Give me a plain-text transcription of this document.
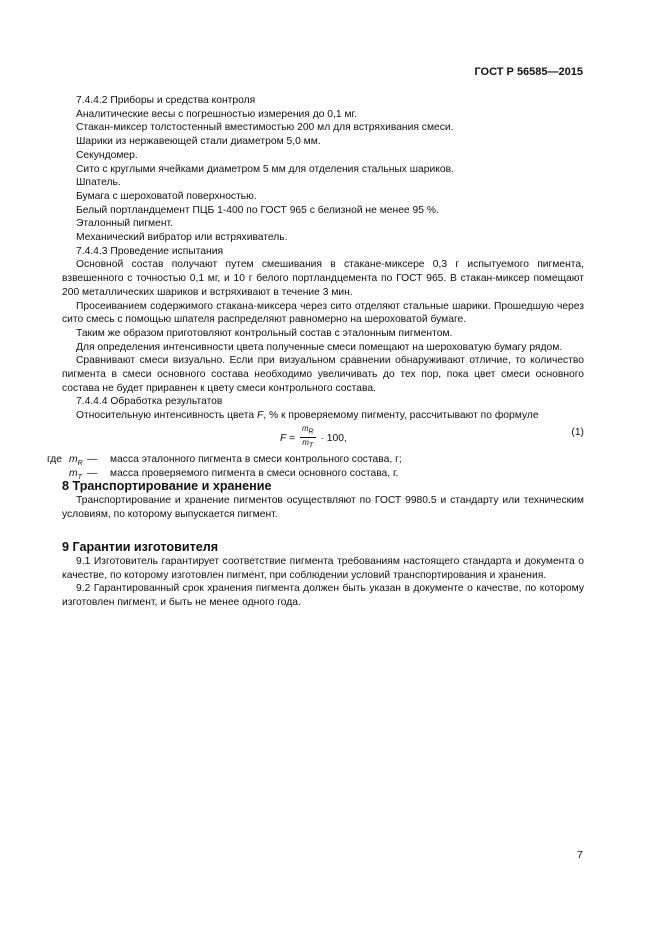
ГОСТ Р 56585—2015

7.4.4.2 Приборы и средства контроля

Аналитические весы с погрешностью измерения до 0,1 мг.

Стакан-миксер толстостенный вместимостью 200 мл для встряхивания смеси.

Шарики из нержавеющей стали диаметром 5,0 мм.

Секундомер.

Сито с круглыми ячейками диаметром 5 мм для отделения стальных шариков.

Шпатель.

Бумага с шероховатой поверхностью.

Белый портландцемент ПЦБ 1-400 по ГОСТ 965 с белизной не менее 95 %.

Эталонный пигмент.

Механический вибратор или встряхиватель.

7.4.4.3 Проведение испытания

Основной состав получают путем смешивания в стакане-миксере 0,3 г испытуемого пигмента, взвешенного с точностью 0,1 мг, и 10 г белого портландцемента по ГОСТ 965. В стакан-миксер помещают 200 металлических шариков и встряхивают в течение 3 мин.

Просеиванием содержимого стакана-миксера через сито отделяют стальные шарики. Прошедшую через сито смесь с помощью шпателя распределяют равномерно на шероховатой бумаге.

Таким же образом приготовляют контрольный состав с эталонным пигментом.

Для определения интенсивности цвета полученные смеси помещают на шероховатую бумагу рядом.

Сравнивают смеси визуально. Если при визуальном сравнении обнаруживают отличие, то количество пигмента в смеси основного состава необходимо увеличивать до тех пор, пока цвет смеси основного состава не будет приравнен к цвету смеси контрольного состава.

7.4.4.4 Обработка результатов

Относительную интенсивность цвета F, % к проверяемому пигменту, рассчитывают по формуле

$F = \frac{m_R}{m_T} \cdot 100$,
(1)
где $m_R$ — масса эталонного пигмента в смеси контрольного состава, г;
$m_T$ — масса проверяемого пигмента в смеси основного состава, г.

8 Транспортирование и хранение

Транспортирование и хранение пигментов осуществляют по ГОСТ 9980.5 и стандарту или техническим условиям, по которому выпускается пигмент.

9 Гарантии изготовителя

9.1 Изготовитель гарантирует соответствие пигмента требованиям настоящего стандарта и документа о качестве, по которому изготовлен пигмент, при соблюдении условий транспортирования и хранения.

9.2 Гарантированный срок хранения пигмента должен быть указан в документе о качестве, по которому изготовлен пигмент, и быть не менее одного года.

7
